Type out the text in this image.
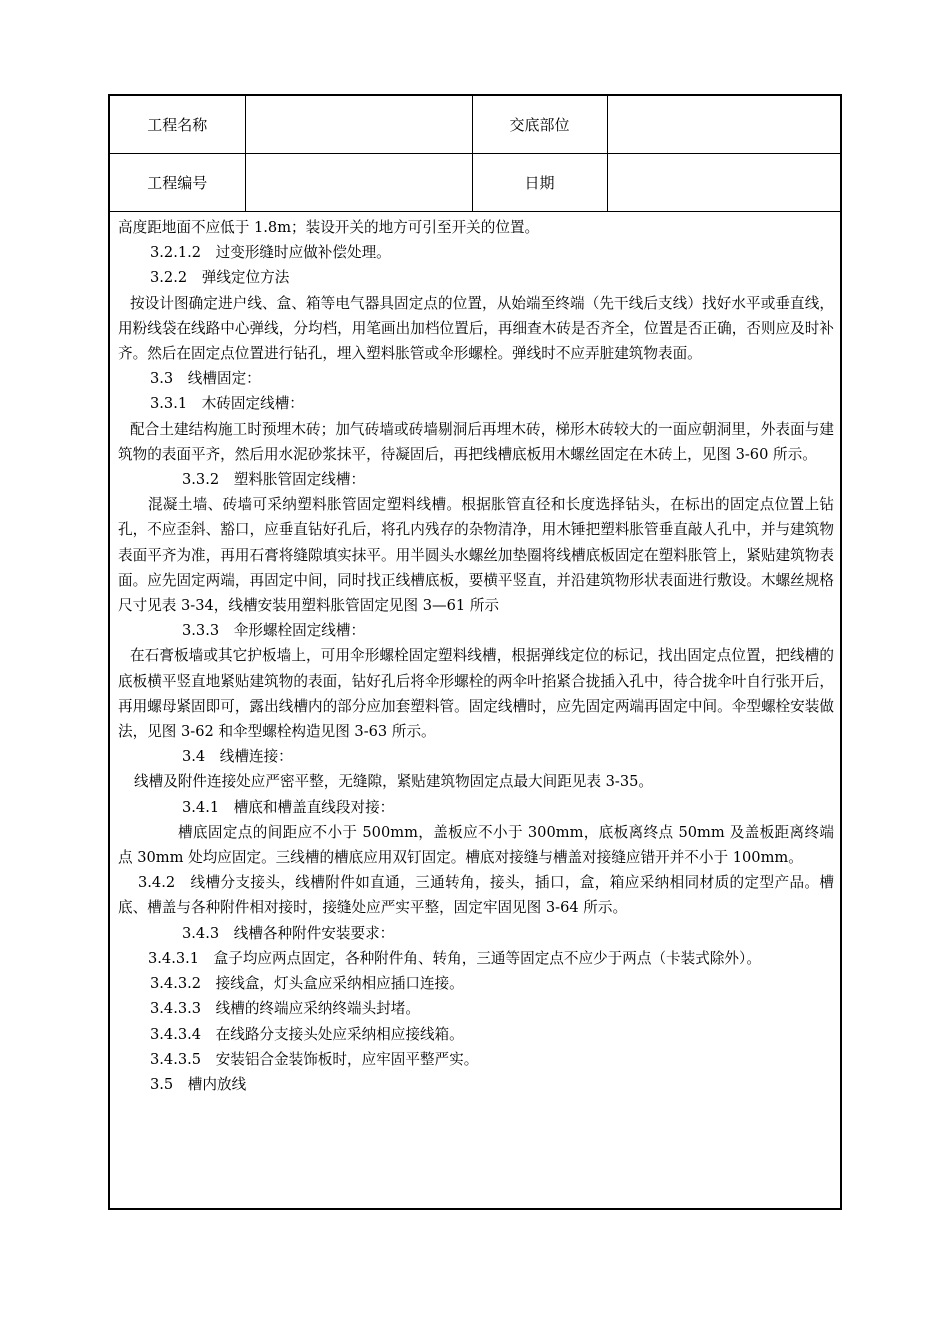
工程名称		交底部位	
工程编号		日期	

高度距地面不应低于 1.8m；装设开关的地方可引至开关的位置。

3.2.1.2　过变形缝时应做补偿处理。

3.2.2　弹线定位方法

按设计图确定进户线、盒、箱等电气器具固定点的位置，从始端至终端（先干线后支线）找好水平或垂直线，用粉线袋在线路中心弹线，分均档，用笔画出加档位置后，再细查木砖是否齐全，位置是否正确，否则应及时补齐。然后在固定点位置进行钻孔，埋入塑料胀管或伞形螺栓。弹线时不应弄脏建筑物表面。

3.3　线槽固定：

3.3.1　木砖固定线槽：

配合土建结构施工时预埋木砖；加气砖墙或砖墙剔洞后再埋木砖，梯形木砖较大的一面应朝洞里，外表面与建筑物的表面平齐，然后用水泥砂浆抹平，待凝固后，再把线槽底板用木螺丝固定在木砖上，见图 3-60 所示。

3.3.2　塑料胀管固定线槽：

混凝土墙、砖墙可采纳塑料胀管固定塑料线槽。根据胀管直径和长度选择钻头，在标出的固定点位置上钻孔，不应歪斜、豁口，应垂直钻好孔后，将孔内残存的杂物清净，用木锤把塑料胀管垂直敲人孔中，并与建筑物表面平齐为准，再用石膏将缝隙填实抹平。用半圆头水螺丝加垫圈将线槽底板固定在塑料胀管上，紧贴建筑物表面。应先固定两端，再固定中间，同时找正线槽底板，要横平竖直，并沿建筑物形状表面进行敷设。木螺丝规格尺寸见表 3-34，线槽安装用塑料胀管固定见图 3—61 所示

3.3.3　伞形螺栓固定线槽：

在石膏板墙或其它护板墙上，可用伞形螺栓固定塑料线槽，根据弹线定位的标记，找出固定点位置，把线槽的底板横平竖直地紧贴建筑物的表面，钻好孔后将伞形螺栓的两伞叶掐紧合拢插入孔中，待合拢伞叶自行张开后，再用螺母紧固即可，露出线槽内的部分应加套塑料管。固定线槽时，应先固定两端再固定中间。伞型螺栓安装做法，见图 3-62 和伞型螺栓构造见图 3-63 所示。

3.4　线槽连接：

线槽及附件连接处应严密平整，无缝隙，紧贴建筑物固定点最大间距见表 3-35。

3.4.1　槽底和槽盖直线段对接：

槽底固定点的间距应不小于 500mm，盖板应不小于 300mm，底板离终点 50mm 及盖板距离终端点 30mm 处均应固定。三线槽的槽底应用双钉固定。槽底对接缝与槽盖对接缝应错开并不小于 100mm。

3.4.2　线槽分支接头，线槽附件如直通，三通转角，接头，插口，盒，箱应采纳相同材质的定型产品。槽底、槽盖与各种附件相对接时，接缝处应严实平整，固定牢固见图 3-64 所示。

3.4.3　线槽各种附件安装要求：

3.4.3.1　盒子均应两点固定，各种附件角、转角，三通等固定点不应少于两点（卡装式除外）。

3.4.3.2　接线盒，灯头盒应采纳相应插口连接。

3.4.3.3　线槽的终端应采纳终端头封堵。

3.4.3.4　在线路分支接头处应采纳相应接线箱。

3.4.3.5　安装铝合金装饰板时，应牢固平整严实。

3.5　槽内放线
